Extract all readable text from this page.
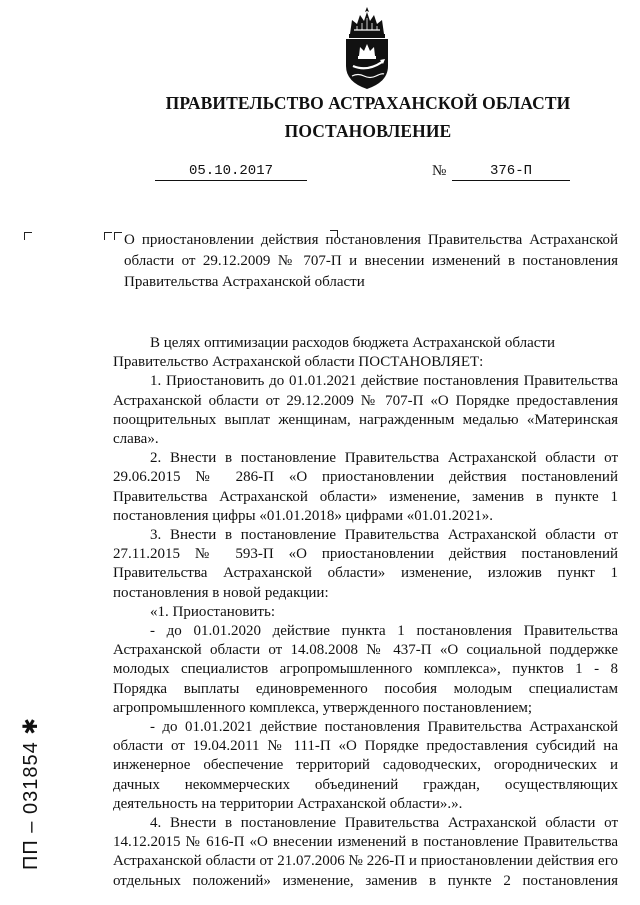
ПРАВИТЕЛЬСТВО АСТРАХАНСКОЙ ОБЛАСТИ
ПОСТАНОВЛЕНИЕ
05.10.2017	№	376-П
О приостановлении действия постановления Правительства Астраханской области от 29.12.2009 № 707-П и внесении изменений в постановления Правительства Астраханской области

В целях оптимизации расходов бюджета Астраханской области

Правительство Астраханской области ПОСТАНОВЛЯЕТ:

1. Приостановить до 01.01.2021 действие постановления Правительства Астраханской области от 29.12.2009 № 707-П «О Порядке предоставления поощрительных выплат женщинам, награжденным медалью «Материнская слава».

2. Внести в постановление Правительства Астраханской области от 29.06.2015 № 286-П «О приостановлении действия постановлений Правительства Астраханской области» изменение, заменив в пункте 1 постановления цифры «01.01.2018» цифрами «01.01.2021».

3. Внести в постановление Правительства Астраханской области от 27.11.2015 № 593-П «О приостановлении действия постановлений Правительства Астраханской области» изменение, изложив пункт 1 постановления в новой редакции:

«1. Приостановить:

- до 01.01.2020 действие пункта 1 постановления Правительства Астраханской области от 14.08.2008 № 437-П «О социальной поддержке молодых специалистов агропромышленного комплекса», пунктов 1 - 8 Порядка выплаты единовременного пособия молодым специалистам агропромышленного комплекса, утвержденного постановлением;

- до 01.01.2021 действие постановления Правительства Астраханской области от 19.04.2011 № 111-П «О Порядке предоставления субсидий на инженерное обеспечение территорий садоводческих, огороднических и дачных некоммерческих объединений граждан, осуществляющих деятельность на территории Астраханской области».».

4. Внести в постановление Правительства Астраханской области от 14.12.2015 № 616-П «О внесении изменений в постановление Правительства Астраханской области от 21.07.2006 № 226-П и приостановлении действия его отдельных положений» изменение, заменив в пункте 2 постановления

ПП – 031854 ✱
